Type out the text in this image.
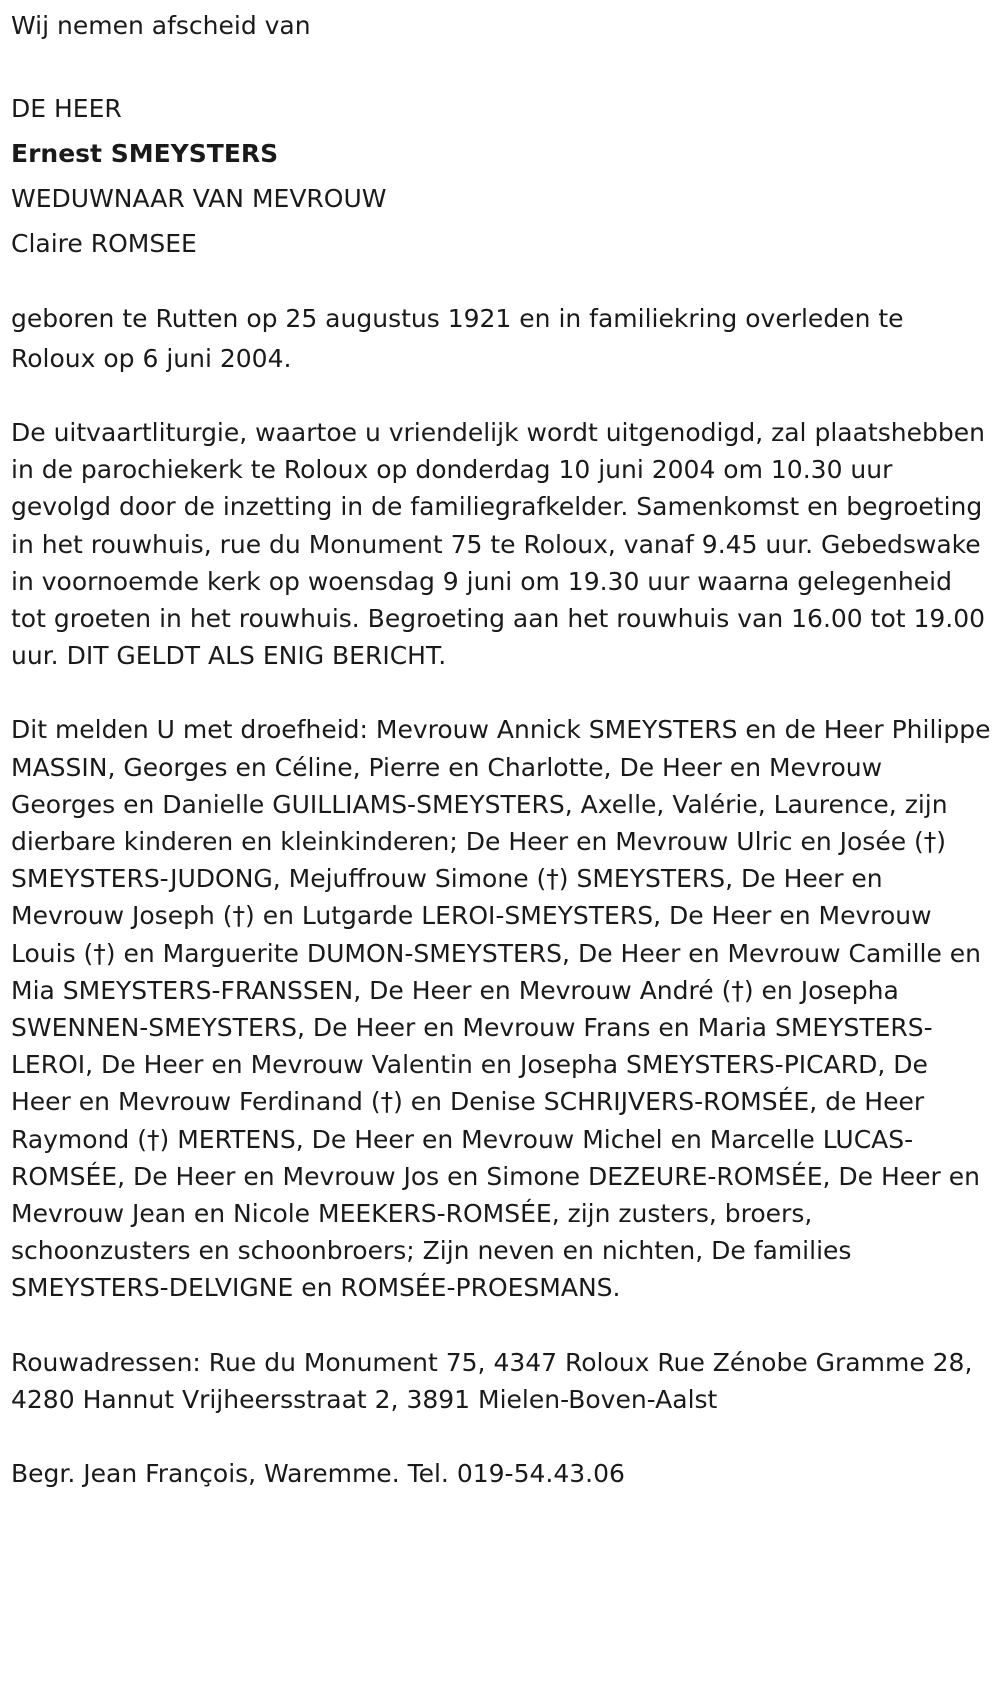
Wij nemen afscheid van

DE HEER

Ernest SMEYSTERS

WEDUWNAAR VAN MEVROUW

Claire ROMSEE

geboren te Rutten op 25 augustus 1921 en in familiekring overleden te Roloux op 6 juni 2004.

De uitvaartliturgie, waartoe u vriendelijk wordt uitgenodigd, zal plaatshebben in de parochiekerk te Roloux op donderdag 10 juni 2004 om 10.30 uur gevolgd door de inzetting in de familiegrafkelder. Samenkomst en begroeting in het rouwhuis, rue du Monument 75 te Roloux, vanaf 9.45 uur. Gebedswake in voornoemde kerk op woensdag 9 juni om 19.30 uur waarna gelegenheid tot groeten in het rouwhuis. Begroeting aan het rouwhuis van 16.00 tot 19.00 uur. DIT GELDT ALS ENIG BERICHT.

Dit melden U met droefheid: Mevrouw Annick SMEYSTERS en de Heer Philippe MASSIN, Georges en Céline, Pierre en Charlotte, De Heer en Mevrouw Georges en Danielle GUILLIAMS-SMEYSTERS, Axelle, Valérie, Laurence, zijn dierbare kinderen en kleinkinderen; De Heer en Mevrouw Ulric en Josée (†) SMEYSTERS-JUDONG, Mejuffrouw Simone (†) SMEYSTERS, De Heer en Mevrouw Joseph (†) en Lutgarde LEROI-SMEYSTERS, De Heer en Mevrouw Louis (†) en Marguerite DUMON-SMEYSTERS, De Heer en Mevrouw Camille en Mia SMEYSTERS-FRANSSEN, De Heer en Mevrouw André (†) en Josepha SWENNEN-SMEYSTERS, De Heer en Mevrouw Frans en Maria SMEYSTERS-LEROI, De Heer en Mevrouw Valentin en Josepha SMEYSTERS-PICARD, De Heer en Mevrouw Ferdinand (†) en Denise SCHRIJVERS-ROMSÉE, de Heer Raymond (†) MERTENS, De Heer en Mevrouw Michel en Marcelle LUCAS-ROMSÉE, De Heer en Mevrouw Jos en Simone DEZEURE-ROMSÉE, De Heer en Mevrouw Jean en Nicole MEEKERS-ROMSÉE, zijn zusters, broers, schoonzusters en schoonbroers; Zijn neven en nichten, De families SMEYSTERS-DELVIGNE en ROMSÉE-PROESMANS.

Rouwadressen: Rue du Monument 75, 4347 Roloux Rue Zénobe Gramme 28, 4280 Hannut Vrijheersstraat 2, 3891 Mielen-Boven-Aalst

Begr. Jean François, Waremme. Tel. 019-54.43.06
